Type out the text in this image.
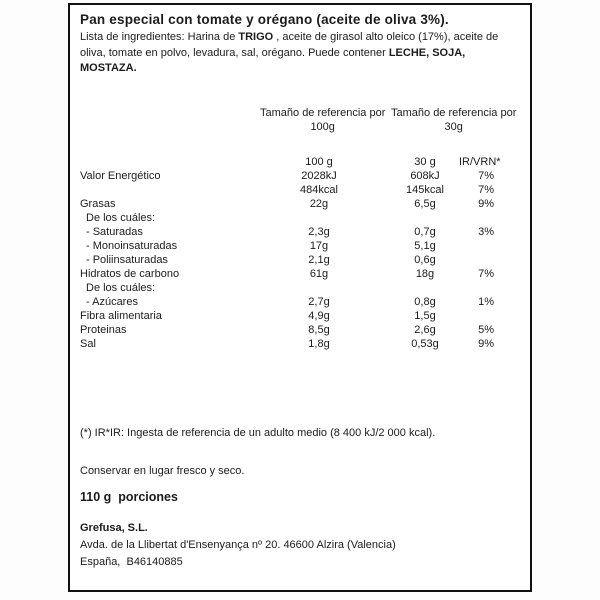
Pan especial con tomate y orégano (aceite de oliva 3%).
Lista de ingredientes: Harina de TRIGO , aceite de girasol alto oleico (17%), aceite de oliva, tomate en polvo, levadura, sal, orégano. Puede contener LECHE, SOJA, MOSTAZA.
Tamaño de referencia por
100g
Tamaño de referencia por
30g
	100 g	30 g	IR/VRN*
Valor Energético	2028kJ	608kJ	7%
	484kcal	145kcal	7%
Grasas	22g	6,5g	9%
De los cuáles:			
- Saturadas	2,3g	0,7g	3%
- Monoinsaturadas	17g	5,1g	
- Poliinsaturadas	2,1g	0,6g	
Hidratos de carbono	61g	18g	7%
De los cuáles:			
- Azúcares	2,7g	0,8g	1%
Fibra alimentaria	4,9g	1,5g	
Proteinas	8,5g	2,6g	5%
Sal	1,8g	0,53g	9%
(*) IR*IR: Ingesta de referencia de un adulto medio (8 400 kJ/2 000 kcal).
Conservar en lugar fresco y seco.
110 g  porciones
Grefusa, S.L.
Avda. de la Llibertat d'Ensenyança nº 20. 46600 Alzira (Valencia)
España,  B46140885
